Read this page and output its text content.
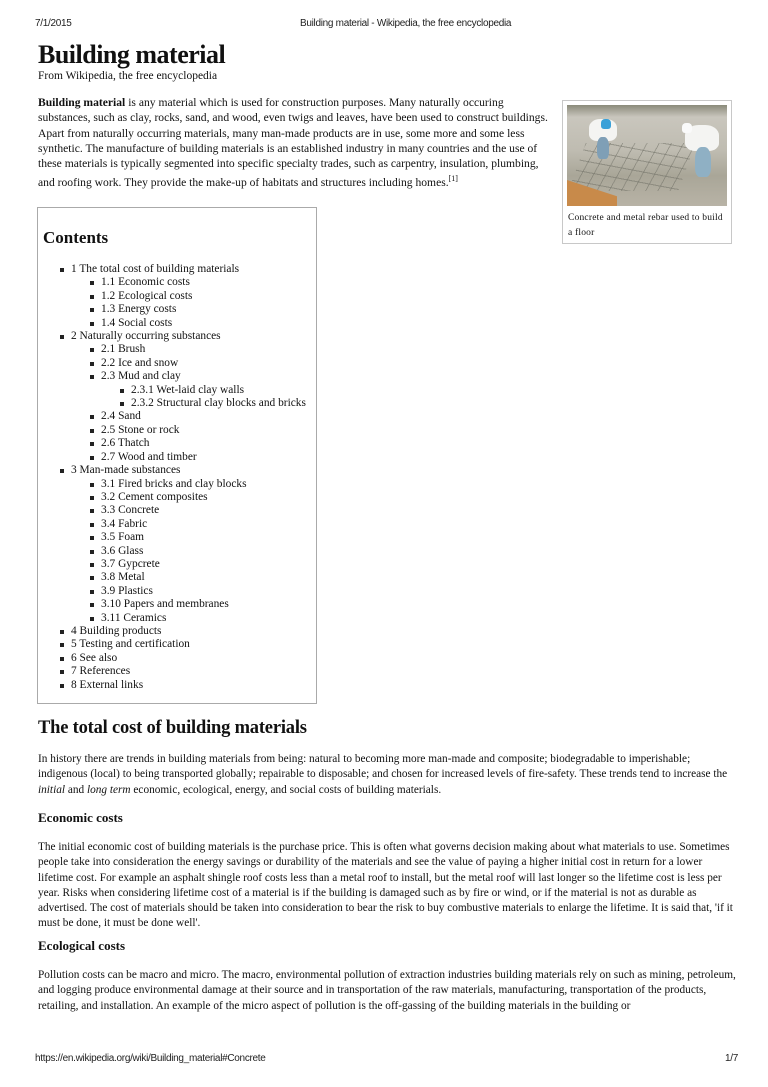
7/1/2015	Building material - Wikipedia, the free encyclopedia
Building material
From Wikipedia, the free encyclopedia

Building material is any material which is used for construction purposes. Many naturally occuring substances, such as clay, rocks, sand, and wood, even twigs and leaves, have been used to construct buildings. Apart from naturally occurring materials, many man-made products are in use, some more and some less synthetic. The manufacture of building materials is an established industry in many countries and the use of these materials is typically segmented into specific specialty trades, such as carpentry, insulation, plumbing, and roofing work. They provide the make-up of habitats and structures including homes.[1]

Concrete and metal rebar used to build a floor
Contents
1 The total cost of building materials
1.1 Economic costs
1.2 Ecological costs
1.3 Energy costs
1.4 Social costs
2 Naturally occurring substances
2.1 Brush
2.2 Ice and snow
2.3 Mud and clay
2.3.1 Wet-laid clay walls
2.3.2 Structural clay blocks and bricks
2.4 Sand
2.5 Stone or rock
2.6 Thatch
2.7 Wood and timber
3 Man-made substances
3.1 Fired bricks and clay blocks
3.2 Cement composites
3.3 Concrete
3.4 Fabric
3.5 Foam
3.6 Glass
3.7 Gypcrete
3.8 Metal
3.9 Plastics
3.10 Papers and membranes
3.11 Ceramics
4 Building products
5 Testing and certification
6 See also
7 References
8 External links
The total cost of building materials

In history there are trends in building materials from being: natural to becoming more man-made and composite; biodegradable to imperishable; indigenous (local) to being transported globally; repairable to disposable; and chosen for increased levels of fire-safety. These trends tend to increase the initial and long term economic, ecological, energy, and social costs of building materials.

Economic costs

The initial economic cost of building materials is the purchase price. This is often what governs decision making about what materials to use. Sometimes people take into consideration the energy savings or durability of the materials and see the value of paying a higher initial cost in return for a lower lifetime cost. For example an asphalt shingle roof costs less than a metal roof to install, but the metal roof will last longer so the lifetime cost is less per year. Risks when considering lifetime cost of a material is if the building is damaged such as by fire or wind, or if the material is not as durable as advertised. The cost of materials should be taken into consideration to bear the risk to buy combustive materials to enlarge the lifetime. It is said that, 'if it must be done, it must be done well'.

Ecological costs

Pollution costs can be macro and micro. The macro, environmental pollution of extraction industries building materials rely on such as mining, petroleum, and logging produce environmental damage at their source and in transportation of the raw materials, manufacturing, transportation of the products, retailing, and installation. An example of the micro aspect of pollution is the off-gassing of the building materials in the building or

https://en.wikipedia.org/wiki/Building_material#Concrete	1/7
